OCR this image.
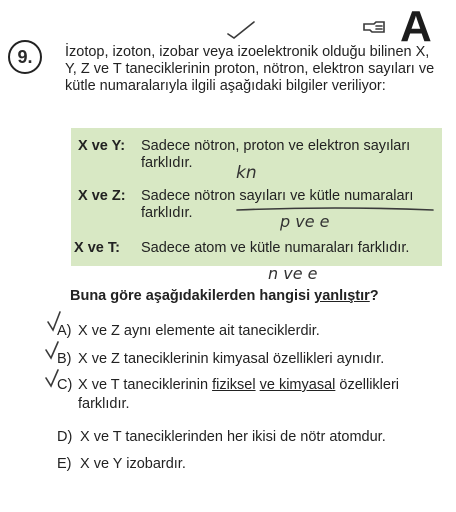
A
9.	İzotop, izoton, izobar veya izoelektronik olduğu bilinen X, Y, Z ve T taneciklerinin proton, nötron, elektron sayıları ve kütle numaralarıyla ilgili aşağıdaki bilgiler veriliyor:
X ve Y: Sadece nötron, proton ve elektron sayıları farklıdır.	kn
X ve Z: Sadece nötron sayıları ve kütle numaraları farklıdır.	p ve e
X ve T: Sadece atom ve kütle numaraları farklıdır.
n ve e
Buna göre aşağıdakilerden hangisi yanlıştır?
A) X ve Z aynı elemente ait taneciklerdir.
B) X ve Z taneciklerinin kimyasal özellikleri aynıdır.
C) X ve T taneciklerinin fiziksel ve kimyasal özellikleri
farklıdır.
D) X ve T taneciklerinden her ikisi de nötr atomdur.
E) X ve Y izobardır.
